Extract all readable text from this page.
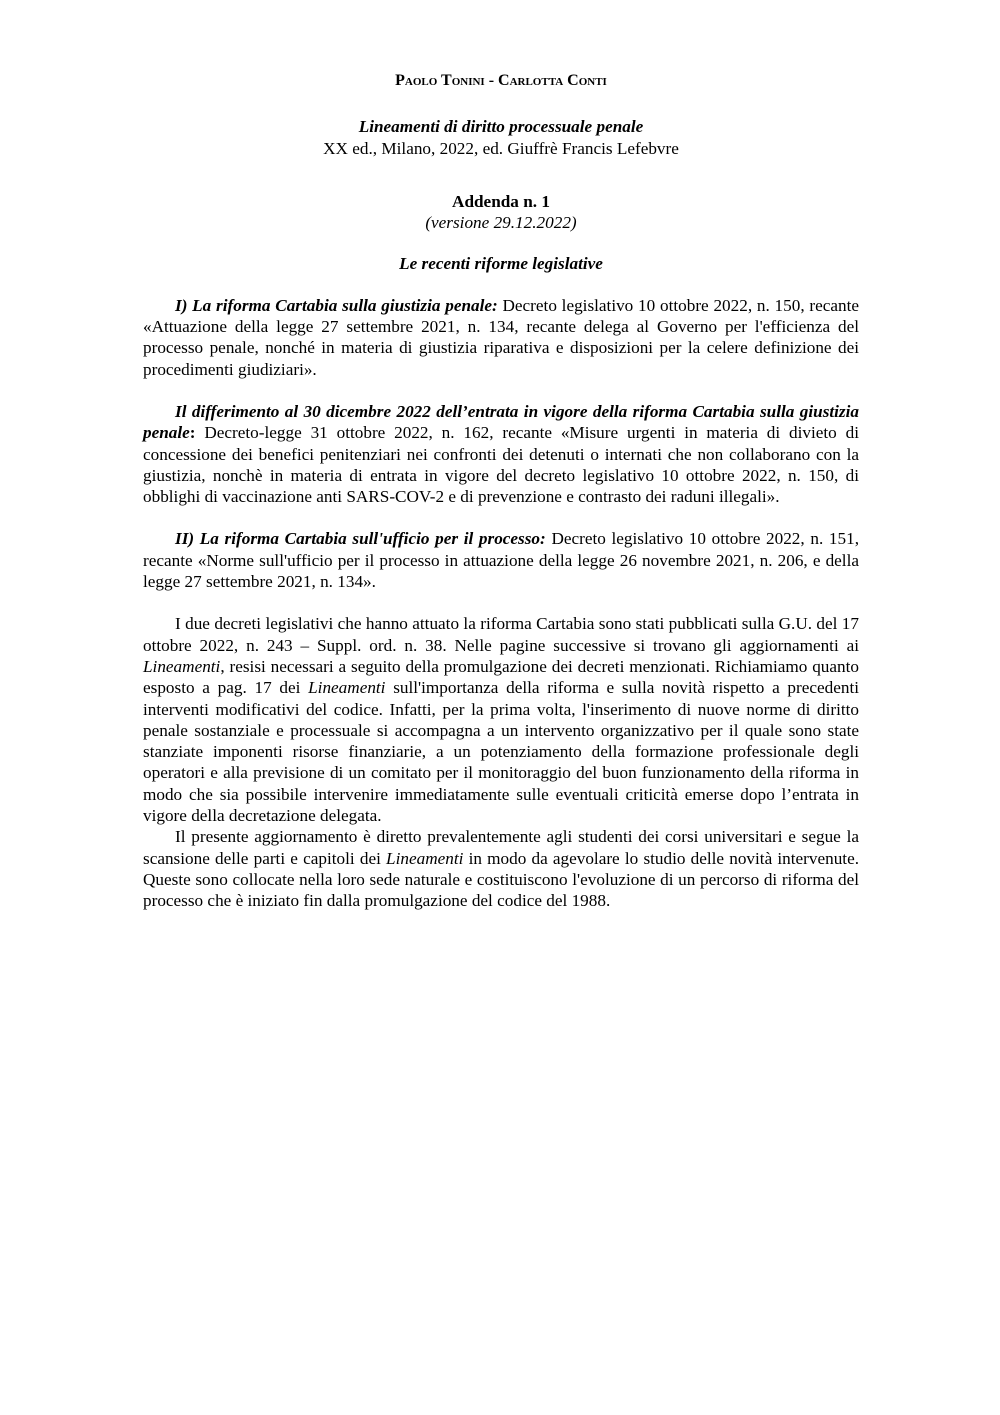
Paolo Tonini - Carlotta Conti
Lineamenti di diritto processuale penale
XX ed., Milano, 2022, ed. Giuffrè Francis Lefebvre
Addenda n. 1
(versione 29.12.2022)
Le recenti riforme legislative

I) La riforma Cartabia sulla giustizia penale: Decreto legislativo 10 ottobre 2022, n. 150, recante «Attuazione della legge 27 settembre 2021, n. 134, recante delega al Governo per l'efficienza del processo penale, nonché in materia di giustizia riparativa e disposizioni per la celere definizione dei procedimenti giudiziari».

Il differimento al 30 dicembre 2022 dell’entrata in vigore della riforma Cartabia sulla giustizia penale: Decreto-legge 31 ottobre 2022, n. 162, recante «Misure urgenti in materia di divieto di concessione dei benefici penitenziari nei confronti dei detenuti o internati che non collaborano con la giustizia, nonchè in materia di entrata in vigore del decreto legislativo 10 ottobre 2022, n. 150, di obblighi di vaccinazione anti SARS-COV-2 e di prevenzione e contrasto dei raduni illegali».

II) La riforma Cartabia sull'ufficio per il processo: Decreto legislativo 10 ottobre 2022, n. 151, recante «Norme sull'ufficio per il processo in attuazione della legge 26 novembre 2021, n. 206, e della legge 27 settembre 2021, n. 134».

I due decreti legislativi che hanno attuato la riforma Cartabia sono stati pubblicati sulla G.U. del 17 ottobre 2022, n. 243 – Suppl. ord. n. 38. Nelle pagine successive si trovano gli aggiornamenti ai Lineamenti, resisi necessari a seguito della promulgazione dei decreti menzionati. Richiamiamo quanto esposto a pag. 17 dei Lineamenti sull'importanza della riforma e sulla novità rispetto a precedenti interventi modificativi del codice. Infatti, per la prima volta, l'inserimento di nuove norme di diritto penale sostanziale e processuale si accompagna a un intervento organizzativo per il quale sono state stanziate imponenti risorse finanziarie, a un potenziamento della formazione professionale degli operatori e alla previsione di un comitato per il monitoraggio del buon funzionamento della riforma in modo che sia possibile intervenire immediatamente sulle eventuali criticità emerse dopo l’entrata in vigore della decretazione delegata.

Il presente aggiornamento è diretto prevalentemente agli studenti dei corsi universitari e segue la scansione delle parti e capitoli dei Lineamenti in modo da agevolare lo studio delle novità intervenute. Queste sono collocate nella loro sede naturale e costituiscono l'evoluzione di un percorso di riforma del processo che è iniziato fin dalla promulgazione del codice del 1988.
